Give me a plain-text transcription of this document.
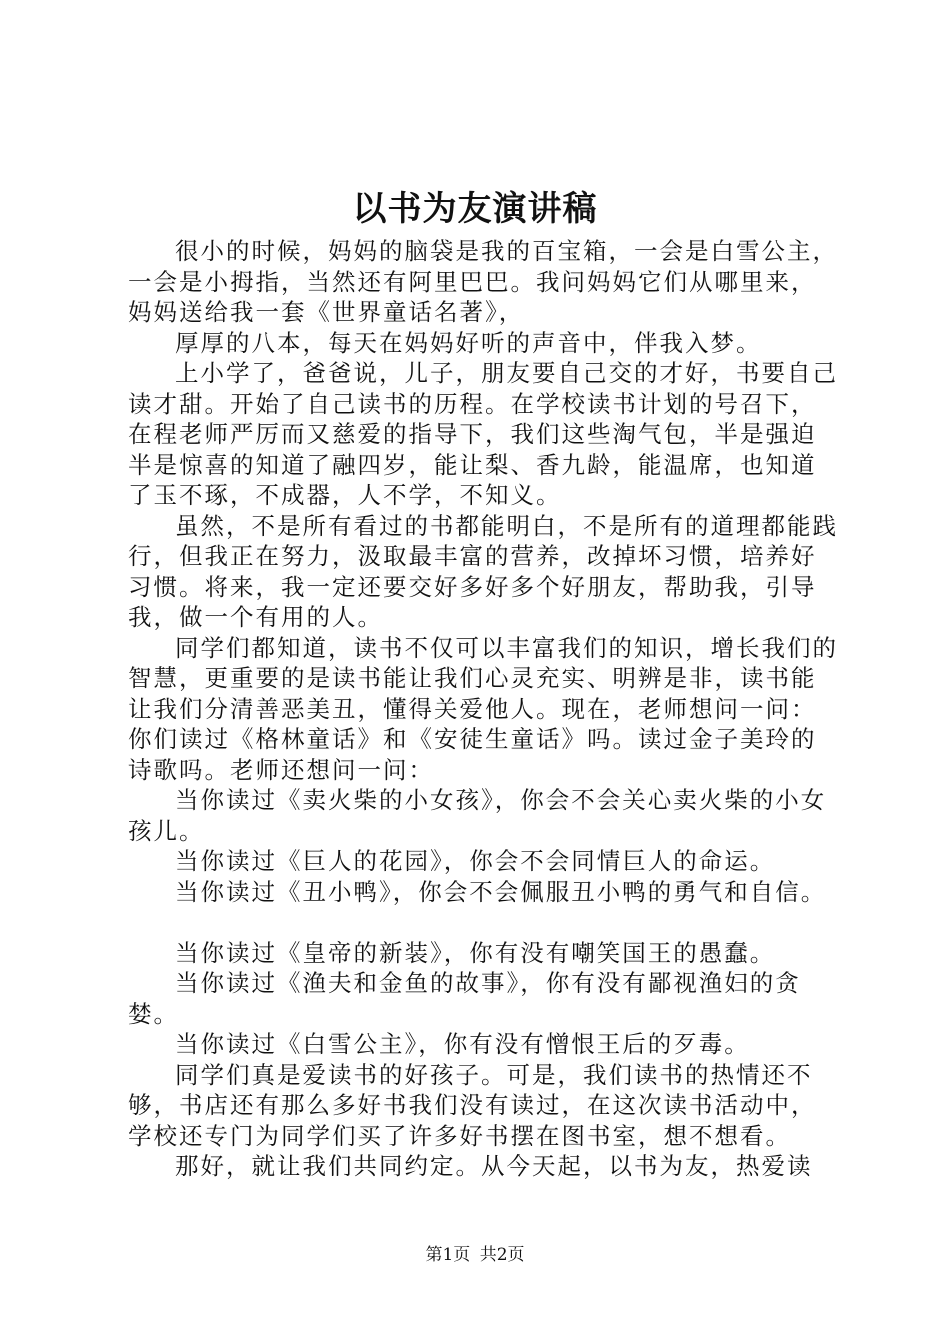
以书为友演讲稿

很小的时候，妈妈的脑袋是我的百宝箱，一会是白雪公主，一会是小拇指，当然还有阿里巴巴。我问妈妈它们从哪里来，妈妈送给我一套《世界童话名著》，

厚厚的八本，每天在妈妈好听的声音中，伴我入梦。

上小学了，爸爸说，儿子，朋友要自己交的才好，书要自己读才甜。开始了自己读书的历程。在学校读书计划的号召下，在程老师严厉而又慈爱的指导下，我们这些淘气包，半是强迫半是惊喜的知道了融四岁，能让梨、香九龄，能温席，也知道了玉不琢，不成器，人不学，不知义。

虽然，不是所有看过的书都能明白，不是所有的道理都能践行，但我正在努力，汲取最丰富的营养，改掉坏习惯，培养好习惯。将来，我一定还要交好多好多个好朋友，帮助我，引导我，做一个有用的人。

同学们都知道，读书不仅可以丰富我们的知识，增长我们的智慧，更重要的是读书能让我们心灵充实、明辨是非，读书能让我们分清善恶美丑，懂得关爱他人。现在，老师想问一问：你们读过《格林童话》和《安徒生童话》吗。读过金子美玲的诗歌吗。老师还想问一问：

当你读过《卖火柴的小女孩》，你会不会关心卖火柴的小女孩儿。

当你读过《巨人的花园》，你会不会同情巨人的命运。

当你读过《丑小鸭》，你会不会佩服丑小鸭的勇气和自信。

当你读过《皇帝的新装》，你有没有嘲笑国王的愚蠢。

当你读过《渔夫和金鱼的故事》，你有没有鄙视渔妇的贪婪。

当你读过《白雪公主》，你有没有憎恨王后的歹毒。

同学们真是爱读书的好孩子。可是，我们读书的热情还不够，书店还有那么多好书我们没有读过，在这次读书活动中，学校还专门为同学们买了许多好书摆在图书室，想不想看。

那好，就让我们共同约定。从今天起，以书为友，热爱读

第1页 共2页
